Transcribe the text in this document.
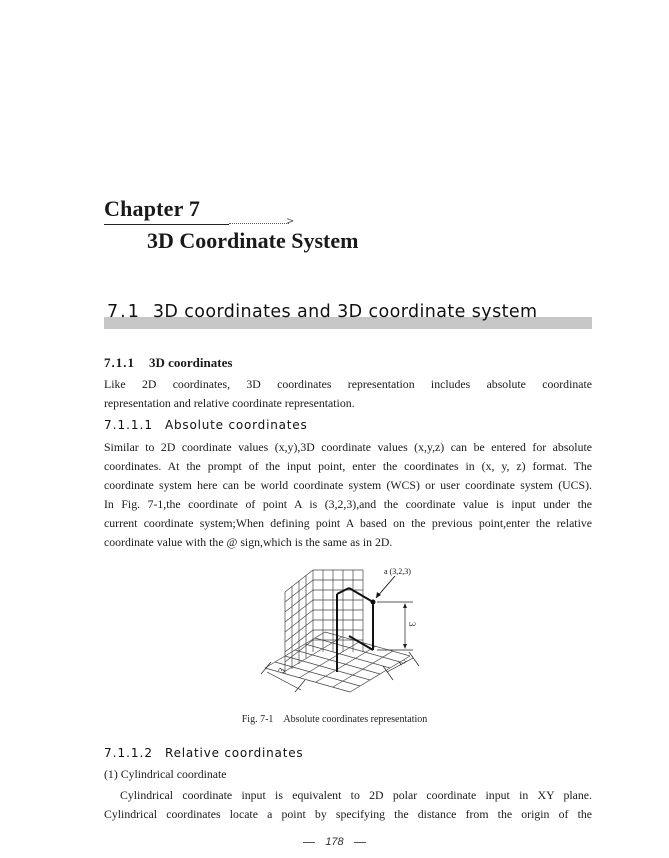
Chapter 7
>
3D Coordinate System
7.1 3D coordinates and 3D coordinate system
7.1.1 3D coordinates

Like 2D coordinates, 3D coordinates representation includes absolute coordinate

representation and relative coordinate representation.

7.1.1.1 Absolute coordinates

Similar to 2D coordinate values (x,y),3D coordinate values (x,y,z) can be entered for absolute

coordinates. At the prompt of the input point, enter the coordinates in (x, y, z) format. The

coordinate system here can be world coordinate system (WCS) or user coordinate system (UCS).

In Fig. 7-1,the coordinate of point A is (3,2,3),and the coordinate value is input under the

current coordinate system;When defining point A based on the previous point,enter the relative

coordinate value with the @ sign,which is the same as in 2D.

a (3,2,3)
3
3
2
Fig. 7-1 Absolute coordinates representation
7.1.1.2 Relative coordinates
(1) Cylindrical coordinate

Cylindrical coordinate input is equivalent to 2D polar coordinate input in XY plane.

Cylindrical coordinates locate a point by specifying the distance from the origin of the

178
